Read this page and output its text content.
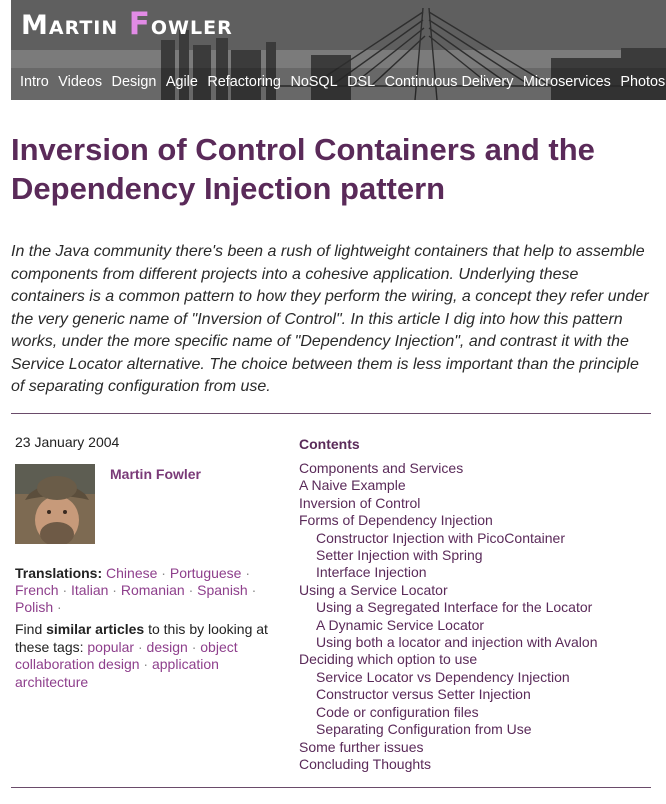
Martin Fowler
Intro Videos Design Agile Refactoring NoSQL DSL Continuous Delivery Microservices Photos
Inversion of Control Containers and the Dependency Injection pattern

In the Java community there's been a rush of lightweight containers that help to assemble components from different projects into a cohesive application. Underlying these containers is a common pattern to how they perform the wiring, a concept they refer under the very generic name of "Inversion of Control". In this article I dig into how this pattern works, under the more specific name of "Dependency Injection", and contrast it with the Service Locator alternative. The choice between them is less important than the principle of separating configuration from use.

23 January 2004
Martin Fowler
Translations: Chinese · Portuguese · French · Italian · Romanian · Spanish · Polish ·
Find similar articles to this by looking at these tags: popular · design · object collaboration design · application architecture
Contents
Components and Services
A Naive Example
Inversion of Control
Forms of Dependency Injection
Constructor Injection with PicoContainer
Setter Injection with Spring
Interface Injection
Using a Service Locator
Using a Segregated Interface for the Locator
A Dynamic Service Locator
Using both a locator and injection with Avalon
Deciding which option to use
Service Locator vs Dependency Injection
Constructor versus Setter Injection
Code or configuration files
Separating Configuration from Use
Some further issues
Concluding Thoughts
